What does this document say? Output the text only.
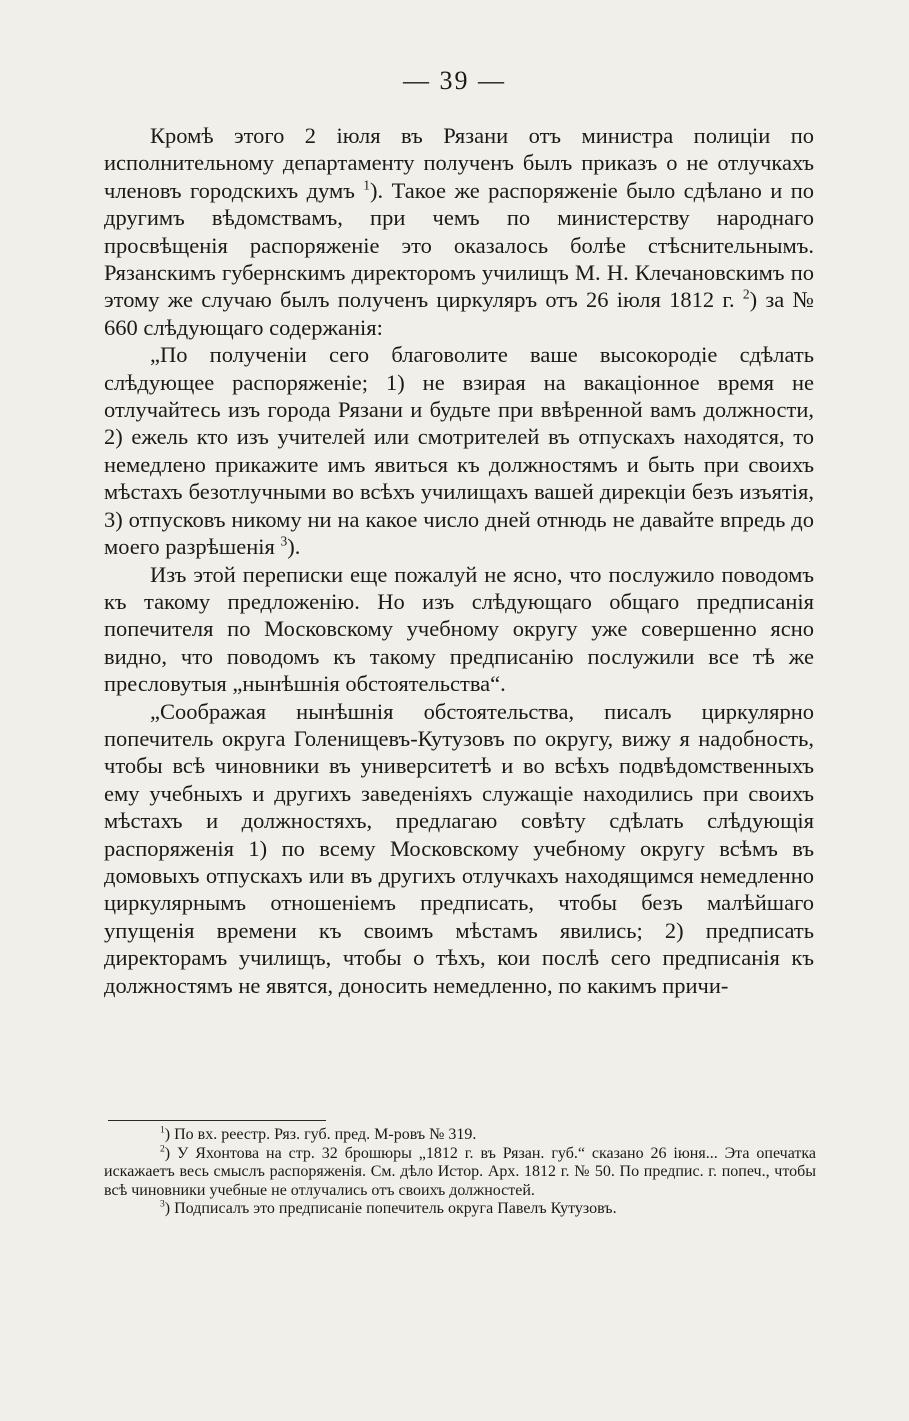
— 39 —

Кромѣ этого 2 іюля въ Рязани отъ министра полиціи по исполнительному департаменту полученъ былъ приказъ о не отлучкахъ членовъ городскихъ думъ $^1$). Такое же распоряженіе было сдѣлано и по другимъ вѣдомствамъ, при чемъ по министерству народнаго просвѣщенія распоряженіе это оказалось болѣе стѣснительнымъ. Рязанскимъ губернскимъ директоромъ училищъ М. Н. Клечановскимъ по этому же случаю былъ полученъ циркуляръ отъ 26 іюля 1812 г. $^2$) за № 660 слѣдующаго содержанія:

„По полученіи сего благоволите ваше высокородіе сдѣлать слѣдующее распоряженіе; 1) не взирая на вакаціонное время не отлучайтесь изъ города Рязани и будьте при ввѣренной вамъ должности, 2) ежель кто изъ учителей или смотрителей въ отпускахъ находятся, то немедлено прикажите имъ явиться къ должностямъ и быть при своихъ мѣстахъ безотлучными во всѣхъ училищахъ вашей дирекціи безъ изъятія, 3) отпусковъ никому ни на какое число дней отнюдь не давайте впредь до моего разрѣшенія $^3$).

Изъ этой переписки еще пожалуй не ясно, что послужило поводомъ къ такому предложенію. Но изъ слѣдующаго общаго предписанія попечителя по Московскому учебному округу уже совершенно ясно видно, что поводомъ къ такому предписанію послужили все тѣ же пресловутыя „нынѣшнія обстоятельства“.

„Соображая нынѣшнія обстоятельства, писалъ циркулярно попечитель округа Голенищевъ-Кутузовъ по округу, вижу я надобность, чтобы всѣ чиновники въ университетѣ и во всѣхъ подвѣдомственныхъ ему учебныхъ и другихъ заведеніяхъ служащіе находились при своихъ мѣстахъ и должностяхъ, предлагаю совѣту сдѣлать слѣдующія распоряженія 1) по всему Московскому учебному округу всѣмъ въ домовыхъ отпускахъ или въ другихъ отлучкахъ находящимся немедленно циркулярнымъ отношеніемъ предписать, чтобы безъ малѣйшаго упущенія времени къ своимъ мѣстамъ явились; 2) предписать директорамъ училищъ, чтобы о тѣхъ, кои послѣ сего предписанія къ должностямъ не явятся, доносить немедленно, по какимъ причи-

$^1$) По вх. реестр. Ряз. губ. пред. М-ровъ № 319.

$^2$) У Яхонтова на стр. 32 брошюры „1812 г. въ Рязан. губ.“ сказано 26 іюня... Эта опечатка искажаетъ весь смыслъ распоряженія. См. дѣло Истор. Арх. 1812 г. № 50. По предпис. г. попеч., чтобы всѣ чиновники учебные не отлучались отъ своихъ должностей.

$^3$) Подписалъ это предписаніе попечитель округа Павелъ Кутузовъ.
